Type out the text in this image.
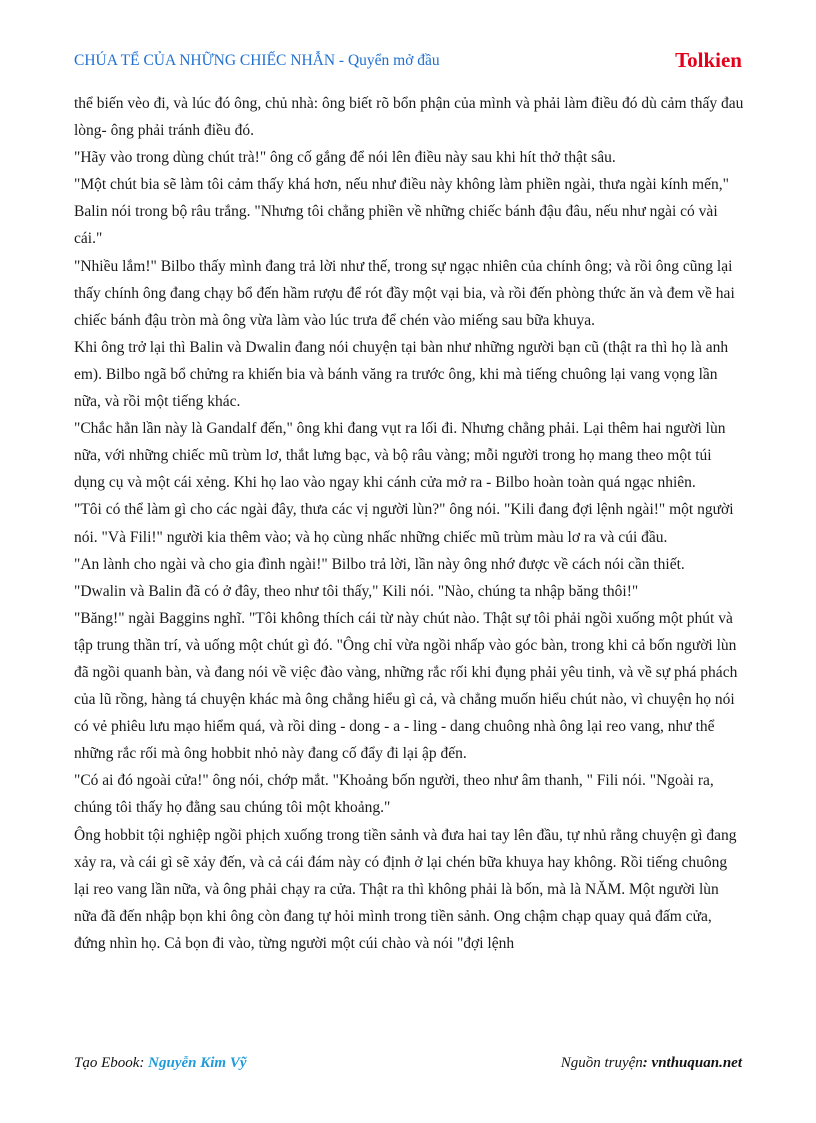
CHÚA TỂ CỦA NHỮNG CHIẾC NHẪN - Quyển mở đầu	Tolkien

thể biến vèo đi, và lúc đó ông, chủ nhà: ông biết rõ bổn phận của mình và phải làm điều đó dù cảm thấy đau lòng- ông phải tránh điều đó.

"Hãy vào trong dùng chút trà!" ông cố gắng để nói lên điều này sau khi hít thở thật sâu.

"Một chút bia sẽ làm tôi cảm thấy khá hơn, nếu như điều này không làm phiền ngài, thưa ngài kính mến," Balin nói trong bộ râu trắng. "Nhưng tôi chẳng phiền về những chiếc bánh đậu đâu, nếu như ngài có vài cái."

"Nhiều lắm!" Bilbo thấy mình đang trả lời như thế, trong sự ngạc nhiên của chính ông; và rồi ông cũng lại thấy chính ông đang chạy bổ đến hầm rượu để rót đầy một vại bia, và rồi đến phòng thức ăn và đem về hai chiếc bánh đậu tròn mà ông vừa làm vào lúc trưa để chén vào miếng sau bữa khuya.

Khi ông trở lại thì Balin và Dwalin đang nói chuyện tại bàn như những người bạn cũ (thật ra thì họ là anh em). Bilbo ngã bổ chửng ra khiến bia và bánh văng ra trước ông, khi mà tiếng chuông lại vang vọng lần nữa, và rồi một tiếng khác.

"Chắc hẳn lần này là Gandalf đến," ông khi đang vụt ra lối đi. Nhưng chẳng phải. Lại thêm hai người lùn nữa, với những chiếc mũ trùm lơ, thắt lưng bạc, và bộ râu vàng; mỗi người trong họ mang theo một túi dụng cụ và một cái xẻng. Khi họ lao vào ngay khi cánh cửa mở ra - Bilbo hoàn toàn quá ngạc nhiên.

"Tôi có thể làm gì cho các ngài đây, thưa các vị người lùn?" ông nói. "Kili đang đợi lệnh ngài!" một người nói. "Và Fili!" người kia thêm vào; và họ cùng nhấc những chiếc mũ trùm màu lơ ra và cúi đầu.

"An lành cho ngài và cho gia đình ngài!" Bilbo trả lời, lần này ông nhớ được về cách nói cần thiết.

"Dwalin và Balin đã có ở đây, theo như tôi thấy," Kili nói. "Nào, chúng ta nhập băng thôi!"

"Băng!" ngài Baggins nghĩ. "Tôi không thích cái từ này chút nào. Thật sự tôi phải ngồi xuống một phút và tập trung thần trí, và uống một chút gì đó. "Ông chỉ vừa ngồi nhấp vào góc bàn, trong khi cả bốn người lùn đã ngồi quanh bàn, và đang nói về việc đào vàng, những rắc rối khi đụng phải yêu tinh, và về sự phá phách của lũ rồng, hàng tá chuyện khác mà ông chẳng hiểu gì cả, và chẳng muốn hiểu chút nào, vì chuyện họ nói có vẻ phiêu lưu mạo hiểm quá, và rồi ding - dong - a - ling - dang chuông nhà ông lại reo vang, như thể những rắc rối mà ông hobbit nhỏ này đang cố đẩy đi lại ập đến.

"Có ai đó ngoài cửa!" ông nói, chớp mắt. "Khoảng bốn người, theo như âm thanh, " Fili nói. "Ngoài ra, chúng tôi thấy họ đằng sau chúng tôi một khoảng."

Ông hobbit tội nghiệp ngồi phịch xuống trong tiền sảnh và đưa hai tay lên đầu, tự nhủ rằng chuyện gì đang xảy ra, và cái gì sẽ xảy đến, và cả cái đám này có định ở lại chén bữa khuya hay không. Rồi tiếng chuông lại reo vang lần nữa, và ông phải chạy ra cửa. Thật ra thì không phải là bốn, mà là NĂM. Một người lùn nữa đã đến nhập bọn khi ông còn đang tự hỏi mình trong tiền sảnh. Ong chậm chạp quay quả đấm cửa, đứng nhìn họ. Cả bọn đi vào, từng người một cúi chào và nói "đợi lệnh

Tạo Ebook: Nguyễn Kim Vỹ	Nguồn truyện: vnthuquan.net
